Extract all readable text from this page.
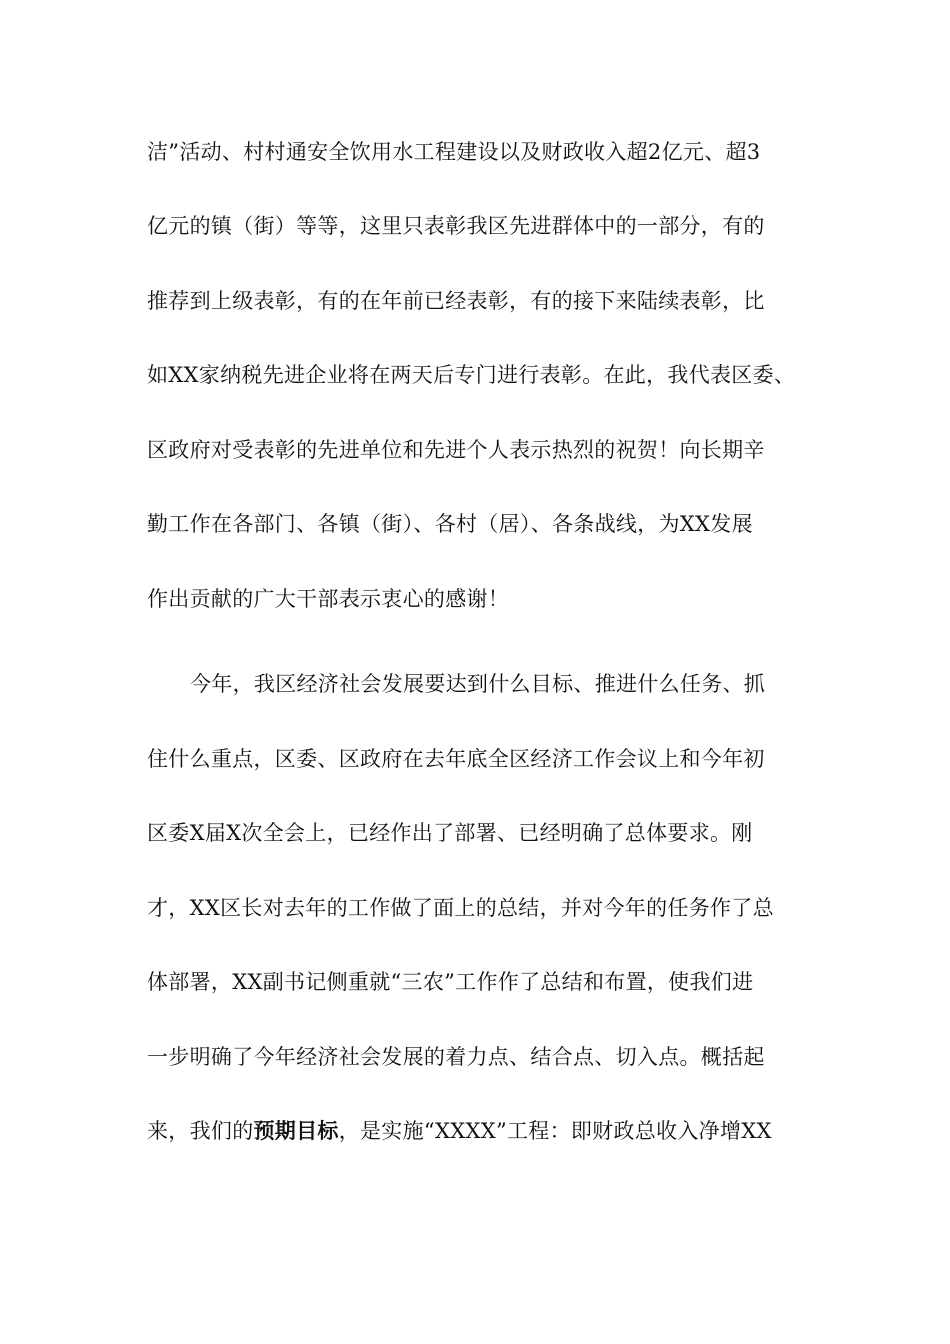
洁”活动、村村通安全饮用水工程建设以及财政收入超2亿元、超3
亿元的镇（街）等等，这里只表彰我区先进群体中的一部分，有的
推荐到上级表彰，有的在年前已经表彰，有的接下来陆续表彰，比
如XX家纳税先进企业将在两天后专门进行表彰。在此，我代表区委、
区政府对受表彰的先进单位和先进个人表示热烈的祝贺！向长期辛
勤工作在各部门、各镇（街）、各村（居）、各条战线，为XX发展
作出贡献的广大干部表示衷心的感谢！
今年，我区经济社会发展要达到什么目标、推进什么任务、抓
住什么重点，区委、区政府在去年底全区经济工作会议上和今年初
区委X届X次全会上，已经作出了部署、已经明确了总体要求。刚
才，XX区长对去年的工作做了面上的总结，并对今年的任务作了总
体部署，XX副书记侧重就“三农”工作作了总结和布置，使我们进
一步明确了今年经济社会发展的着力点、结合点、切入点。概括起
来，我们的预期目标，是实施“XXXX”工程：即财政总收入净增XX
